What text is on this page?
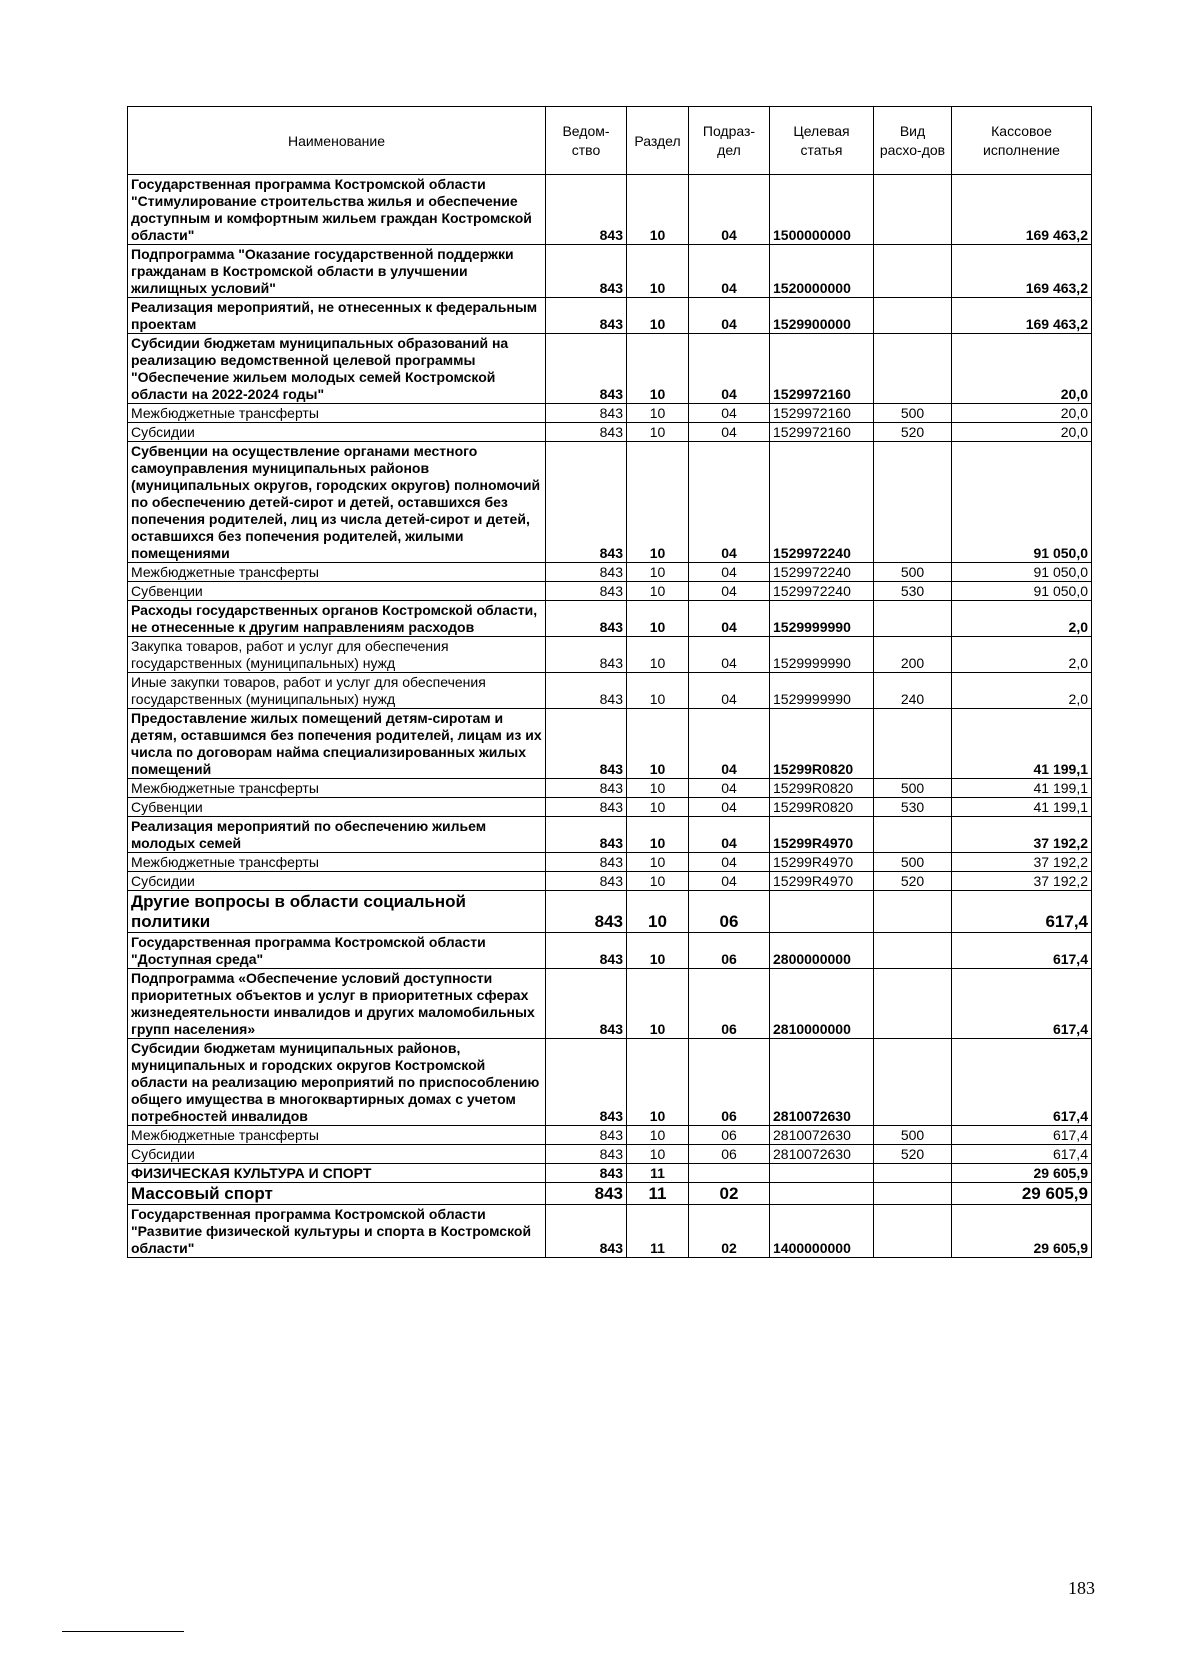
Наименование	Ведом-ство	Раздел	Подраз-дел	Целевая статья	Вид расхо-дов	Кассовое исполнение
Государственная программа Костромской области "Стимулирование строительства жилья и обеспечение доступным и комфортным жильем граждан Костромской области"	843	10	04	1500000000		169 463,2
Подпрограмма "Оказание государственной поддержки гражданам в Костромской области в улучшении жилищных условий"	843	10	04	1520000000		169 463,2
Реализация мероприятий, не отнесенных к федеральным проектам	843	10	04	1529900000		169 463,2
Субсидии бюджетам муниципальных образований на реализацию ведомственной целевой программы "Обеспечение жильем молодых семей Костромской области на 2022-2024 годы"	843	10	04	1529972160		20,0
Межбюджетные трансферты	843	10	04	1529972160	500	20,0
Субсидии	843	10	04	1529972160	520	20,0
Субвенции на осуществление органами местного самоуправления муниципальных районов (муниципальных округов, городских округов) полномочий по обеспечению детей-сирот и детей, оставшихся без попечения родителей, лиц из числа детей-сирот и детей, оставшихся без попечения родителей, жилыми помещениями	843	10	04	1529972240		91 050,0
Межбюджетные трансферты	843	10	04	1529972240	500	91 050,0
Субвенции	843	10	04	1529972240	530	91 050,0
Расходы государственных органов Костромской области, не отнесенные к другим направлениям расходов	843	10	04	1529999990		2,0
Закупка товаров, работ и услуг для обеспечения государственных (муниципальных) нужд	843	10	04	1529999990	200	2,0
Иные закупки товаров, работ и услуг для обеспечения государственных (муниципальных) нужд	843	10	04	1529999990	240	2,0
Предоставление жилых помещений детям-сиротам и детям, оставшимся без попечения родителей, лицам из их числа по договорам найма специализированных жилых помещений	843	10	04	15299R0820		41 199,1
Межбюджетные трансферты	843	10	04	15299R0820	500	41 199,1
Субвенции	843	10	04	15299R0820	530	41 199,1
Реализация мероприятий по обеспечению жильем молодых семей	843	10	04	15299R4970		37 192,2
Межбюджетные трансферты	843	10	04	15299R4970	500	37 192,2
Субсидии	843	10	04	15299R4970	520	37 192,2
Другие вопросы в области социальной политики	843	10	06			617,4
Государственная программа Костромской области "Доступная среда"	843	10	06	2800000000		617,4
Подпрограмма «Обеспечение условий доступности приоритетных объектов и услуг в приоритетных сферах жизнедеятельности инвалидов и других маломобильных групп населения»	843	10	06	2810000000		617,4
Субсидии бюджетам муниципальных районов, муниципальных и городских округов Костромской области на реализацию мероприятий по приспособлению общего имущества в многоквартирных домах с учетом потребностей инвалидов	843	10	06	2810072630		617,4
Межбюджетные трансферты	843	10	06	2810072630	500	617,4
Субсидии	843	10	06	2810072630	520	617,4
ФИЗИЧЕСКАЯ КУЛЬТУРА И СПОРТ	843	11				29 605,9
Массовый спорт	843	11	02			29 605,9
Государственная программа Костромской области "Развитие физической культуры и спорта в Костромской области"	843	11	02	1400000000		29 605,9
183
